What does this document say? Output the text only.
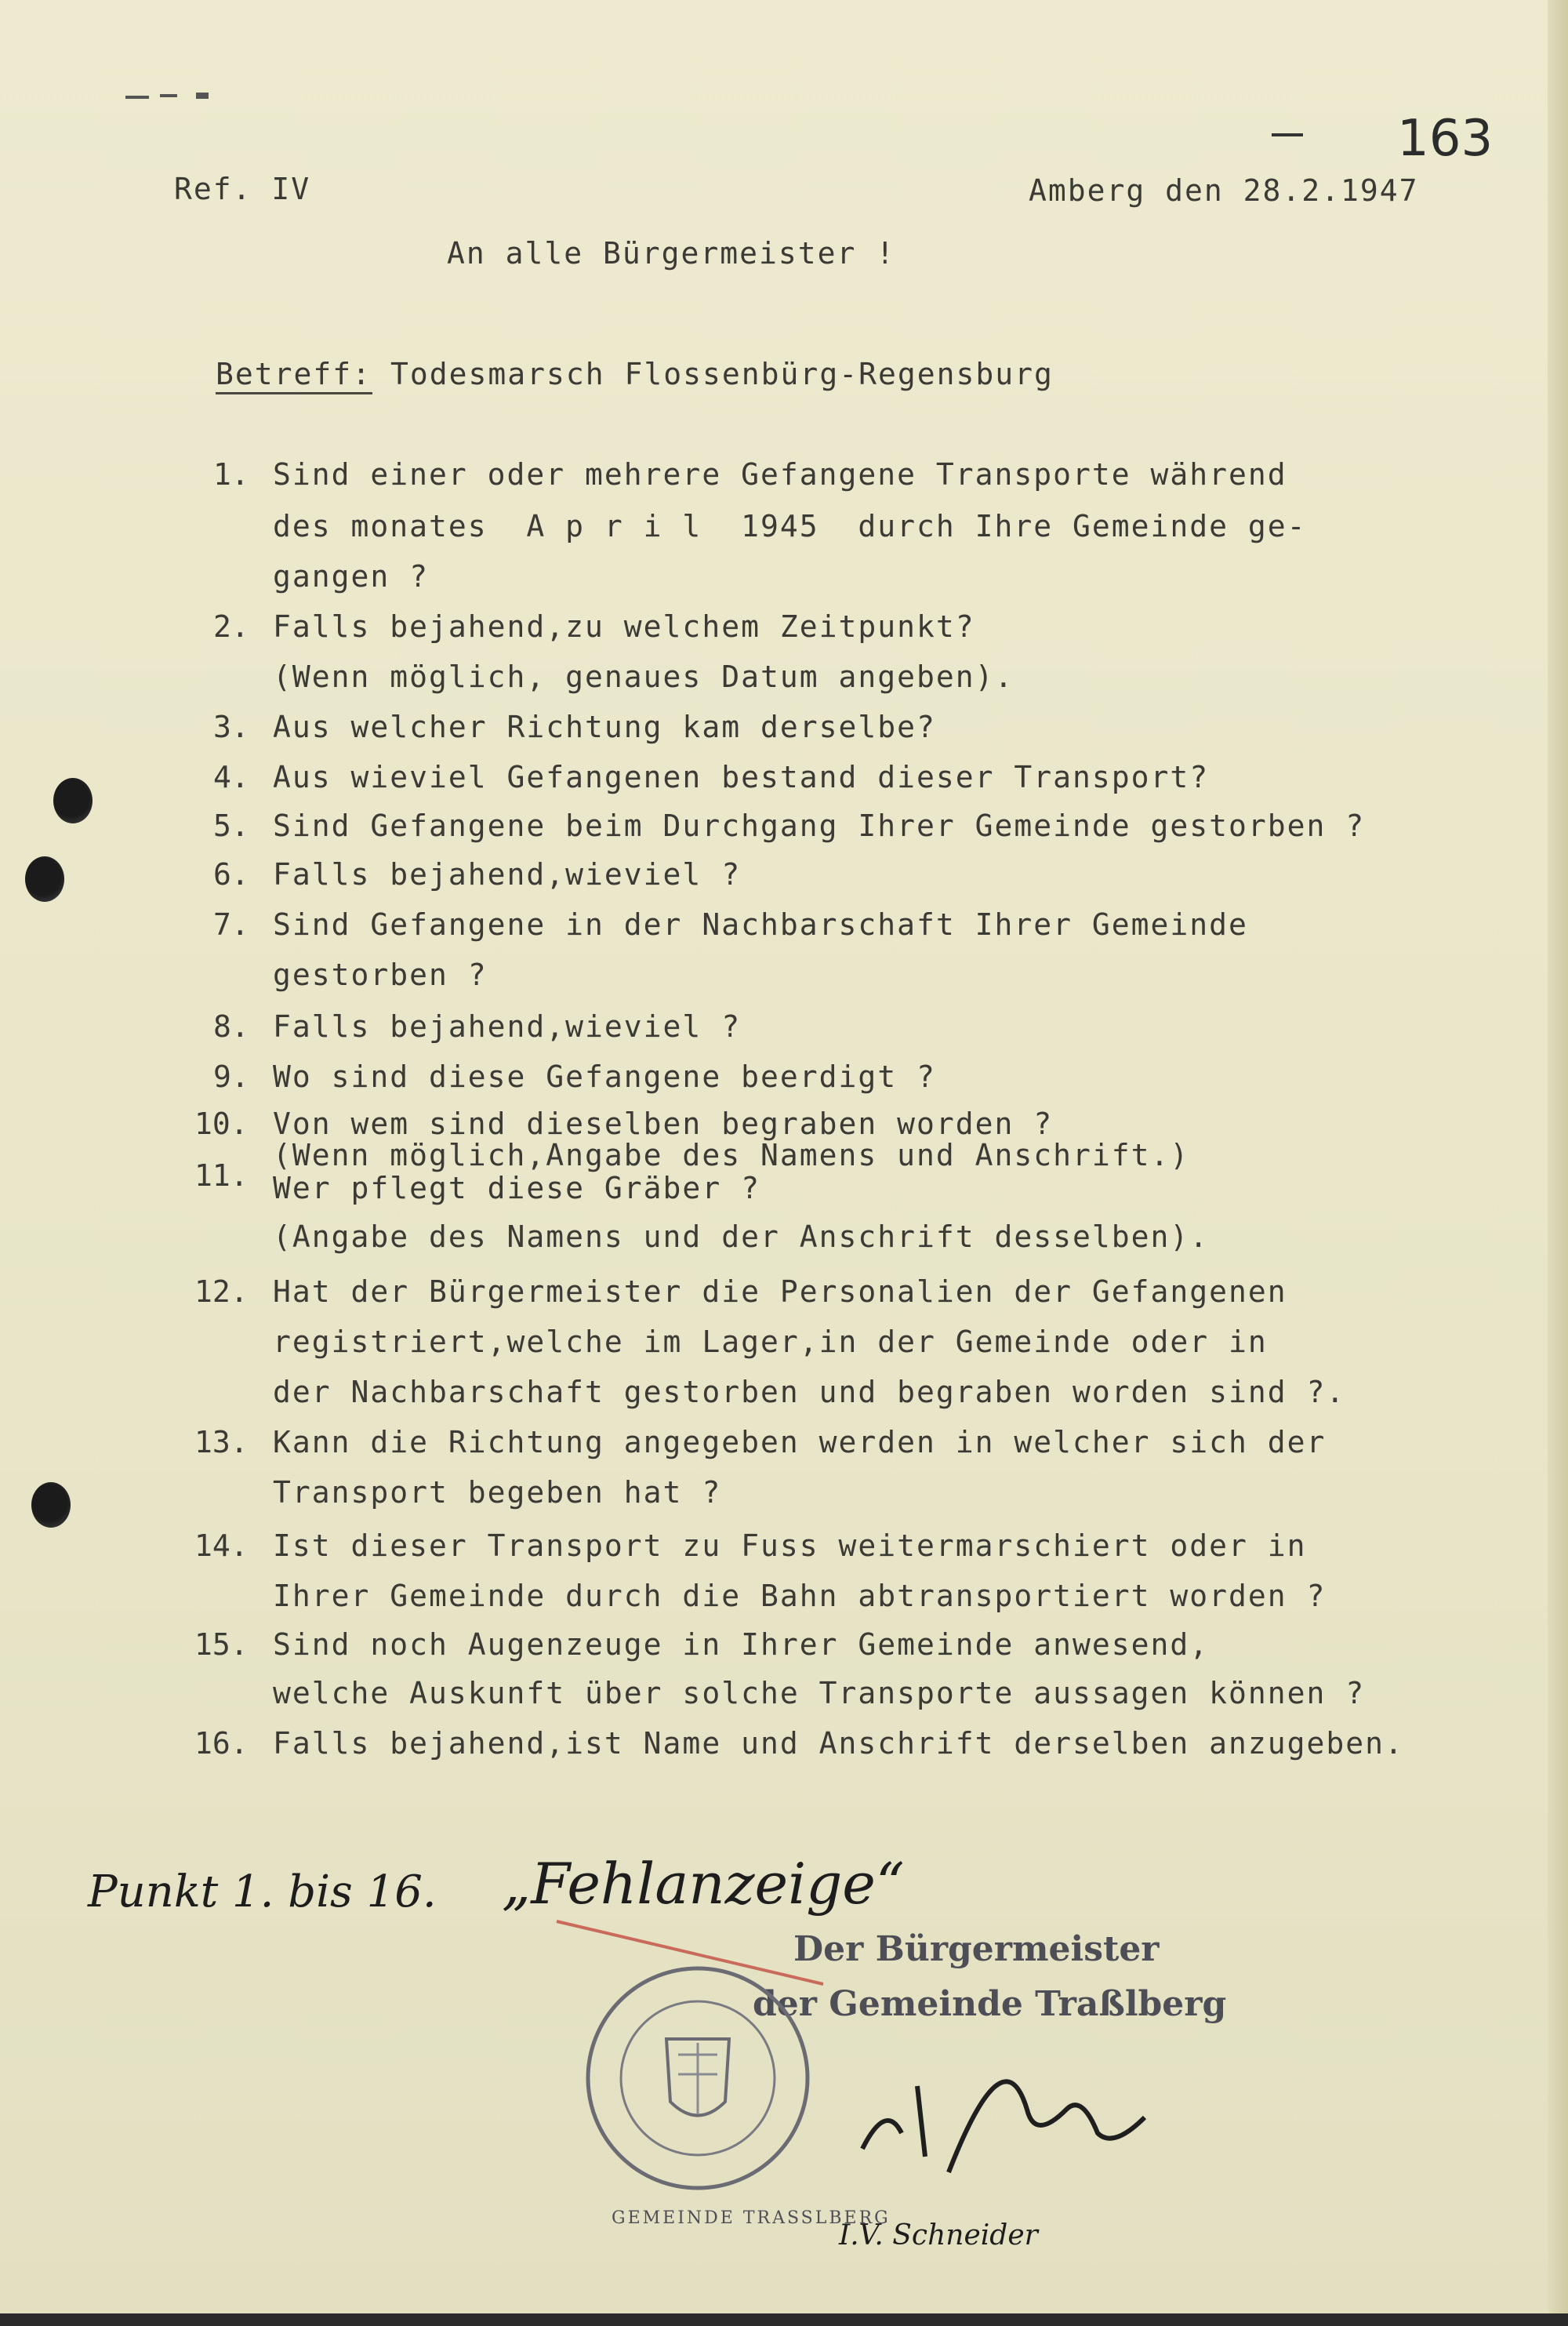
163
Ref. IV	Amberg den 28.2.1947
An alle Bürgermeister !
Betreff: Todesmarsch Flossenbürg-Regensburg
1. Sind einer oder mehrere Gefangene Transporte während
des monates  A p r i l  1945  durch Ihre Gemeinde ge-
gangen ?
2. Falls bejahend,zu welchem Zeitpunkt?
(Wenn möglich, genaues Datum angeben).
3. Aus welcher Richtung kam derselbe?
4. Aus wieviel Gefangenen bestand dieser Transport?
5. Sind Gefangene beim Durchgang Ihrer Gemeinde gestorben ?
6. Falls bejahend,wieviel ?
7. Sind Gefangene in der Nachbarschaft Ihrer Gemeinde
gestorben ?
8. Falls bejahend,wieviel ?
9. Wo sind diese Gefangene beerdigt ?
10. Von wem sind dieselben begraben worden ?
(Wenn möglich,Angabe des Namens und Anschrift.)
11. Wer pflegt diese Gräber ?
(Angabe des Namens und der Anschrift desselben).
12. Hat der Bürgermeister die Personalien der Gefangenen
registriert,welche im Lager,in der Gemeinde oder in
der Nachbarschaft gestorben und begraben worden sind ?.
13. Kann die Richtung angegeben werden in welcher sich der
Transport begeben hat ?
14. Ist dieser Transport zu Fuss weitermarschiert oder in
Ihrer Gemeinde durch die Bahn abtransportiert worden ?
15. Sind noch Augenzeuge in Ihrer Gemeinde anwesend,
welche Auskunft über solche Transporte aussagen können ?
16. Falls bejahend,ist Name und Anschrift derselben anzugeben.
Punkt 1. bis 16. „Fehlanzeige“
Der Bürgermeister
der Gemeinde Traßlberg
GEMEINDE TRASSLBERG
I.V. Schneider
